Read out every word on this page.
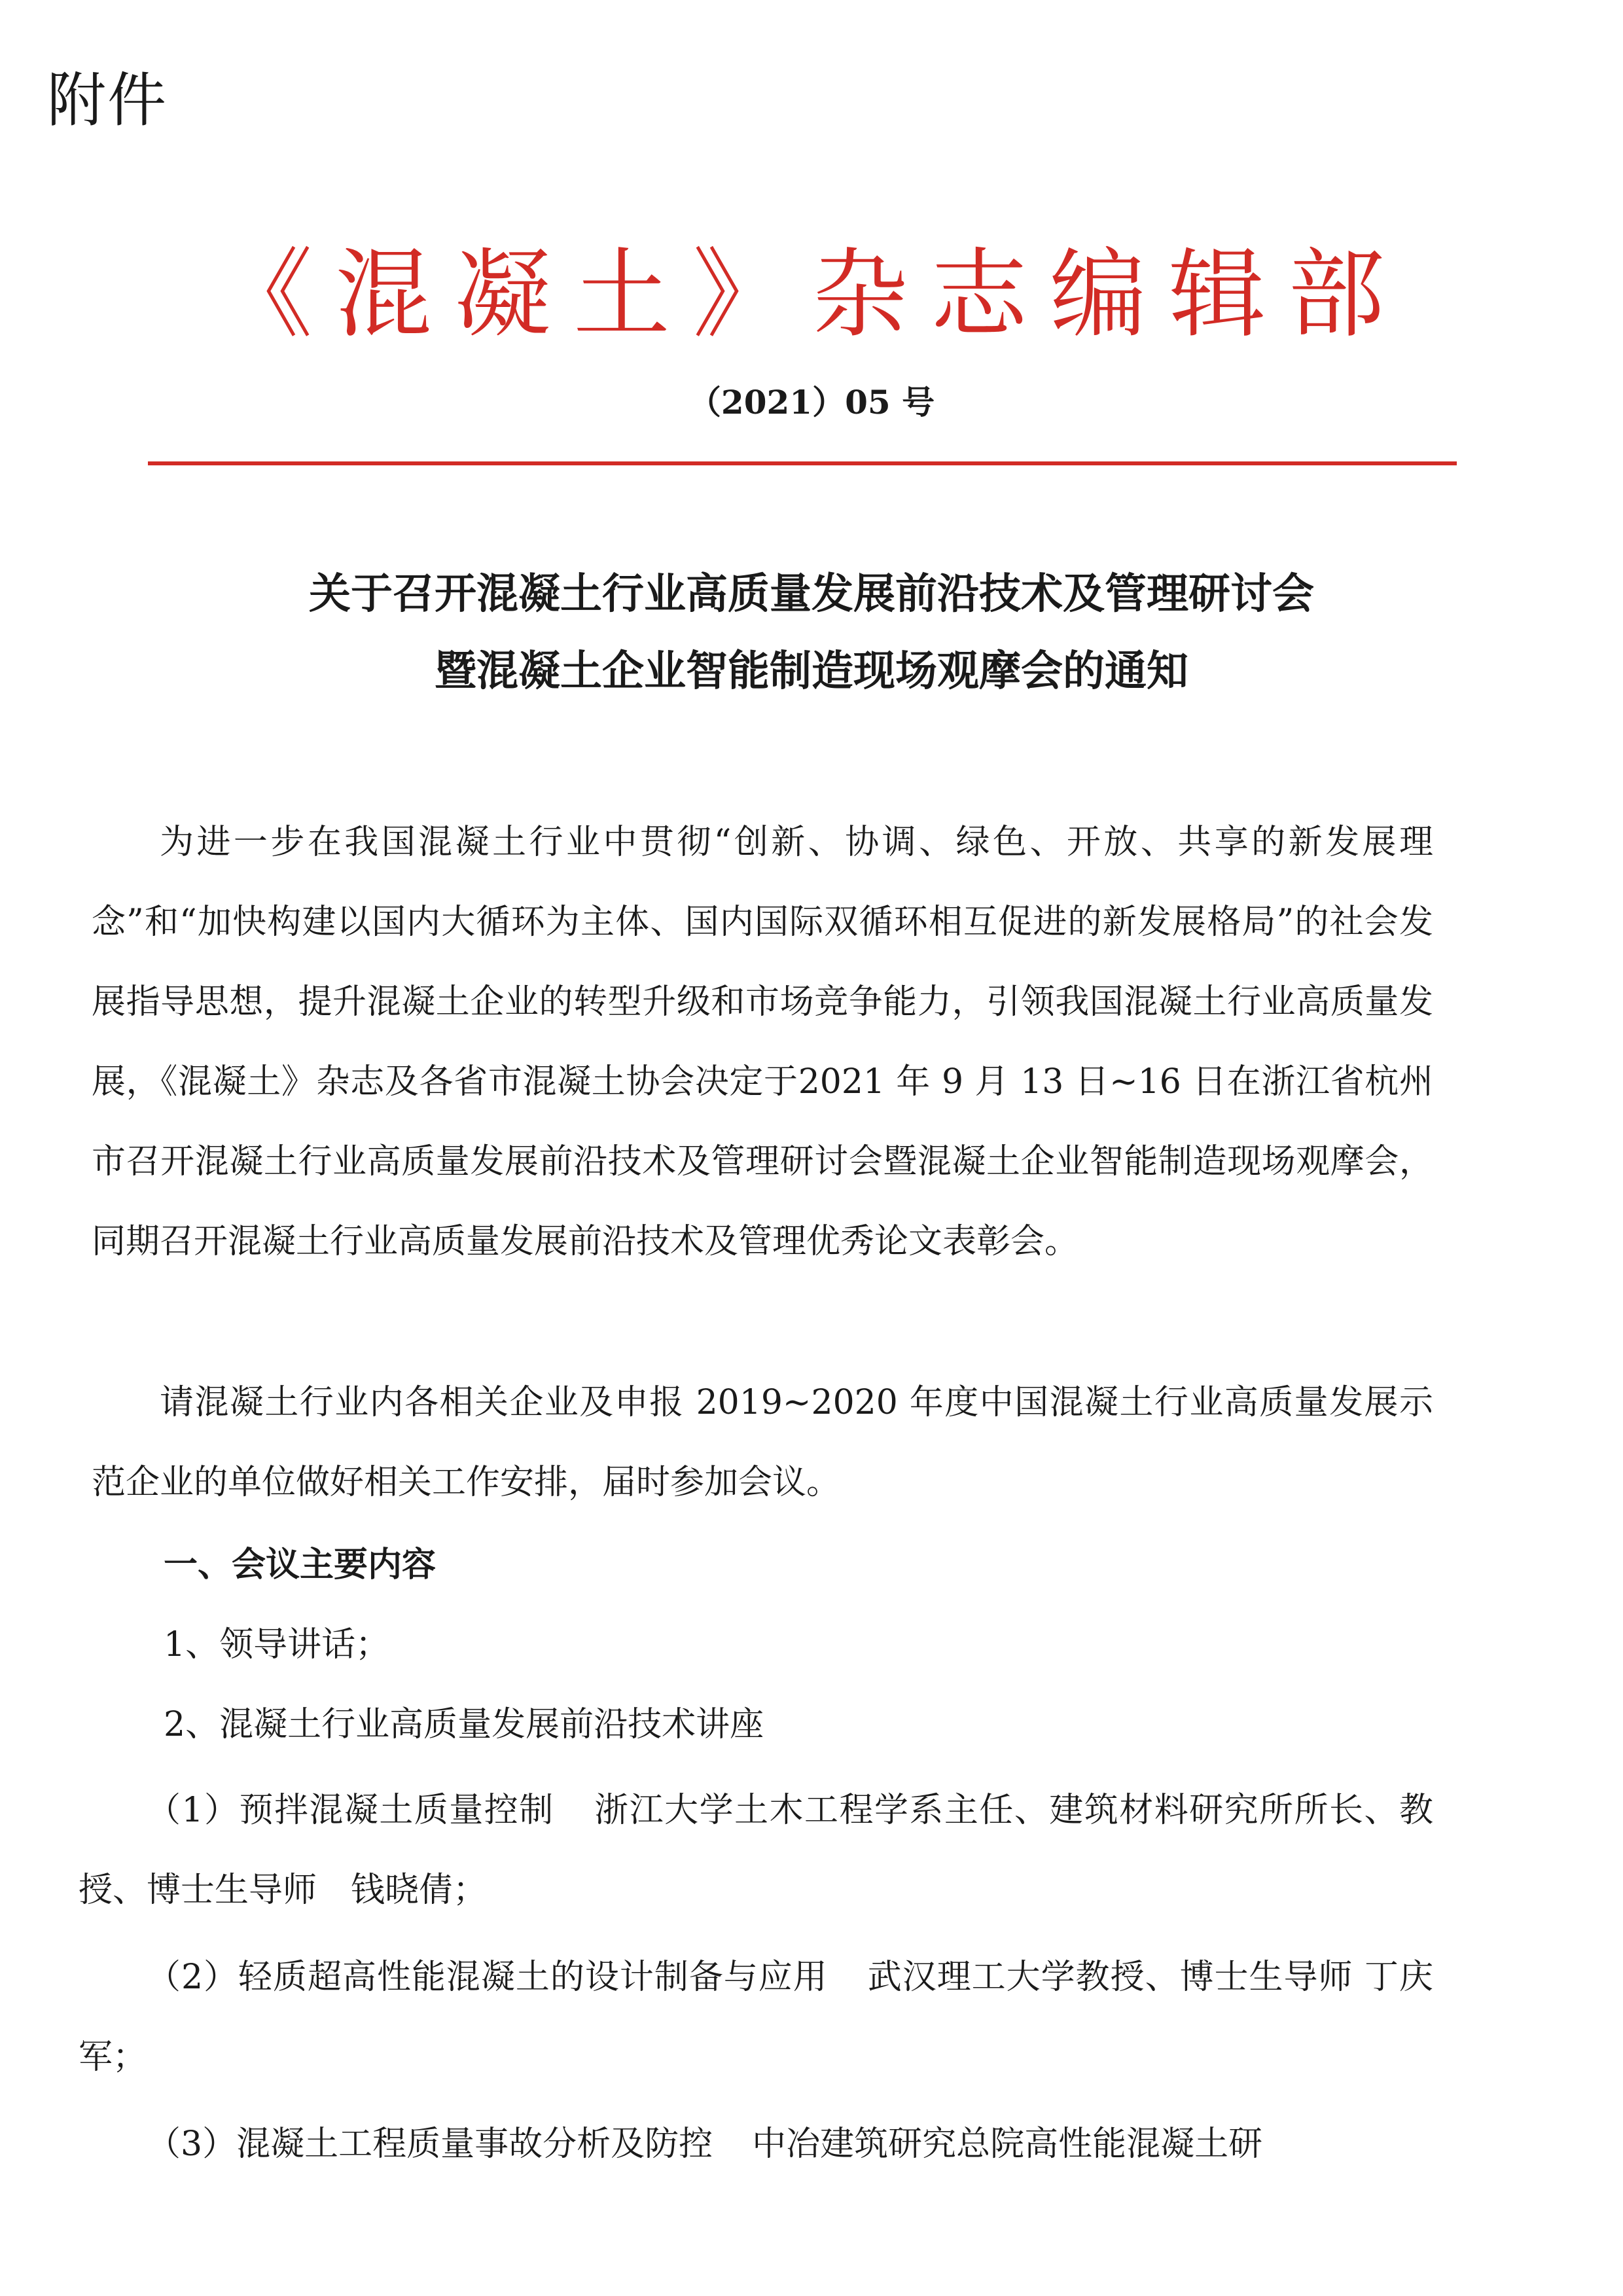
附件
《混凝土》杂志编辑部
（2021）05 号
关于召开混凝土行业高质量发展前沿技术及管理研讨会
暨混凝土企业智能制造现场观摩会的通知

为进一步在我国混凝土行业中贯彻“创新、协调、绿色、开放、共享的新发展理念”和“加快构建以国内大循环为主体、国内国际双循环相互促进的新发展格局”的社会发展指导思想，提升混凝土企业的转型升级和市场竞争能力，引领我国混凝土行业高质量发展，《混凝土》杂志及各省市混凝土协会决定于2021 年 9 月 13 日~16 日在浙江省杭州市召开混凝土行业高质量发展前沿技术及管理研讨会暨混凝土企业智能制造现场观摩会，同期召开混凝土行业高质量发展前沿技术及管理优秀论文表彰会。

请混凝土行业内各相关企业及申报 2019~2020 年度中国混凝土行业高质量发展示范企业的单位做好相关工作安排，届时参加会议。

一、会议主要内容
1、领导讲话；
2、混凝土行业高质量发展前沿技术讲座

（1）预拌混凝土质量控制 浙江大学土木工程学系主任、建筑材料研究所所长、教授、博士生导师　钱晓倩；

（2）轻质超高性能混凝土的设计制备与应用 武汉理工大学教授、博士生导师 丁庆军；

（3）混凝土工程质量事故分析及防控 中冶建筑研究总院高性能混凝土研
